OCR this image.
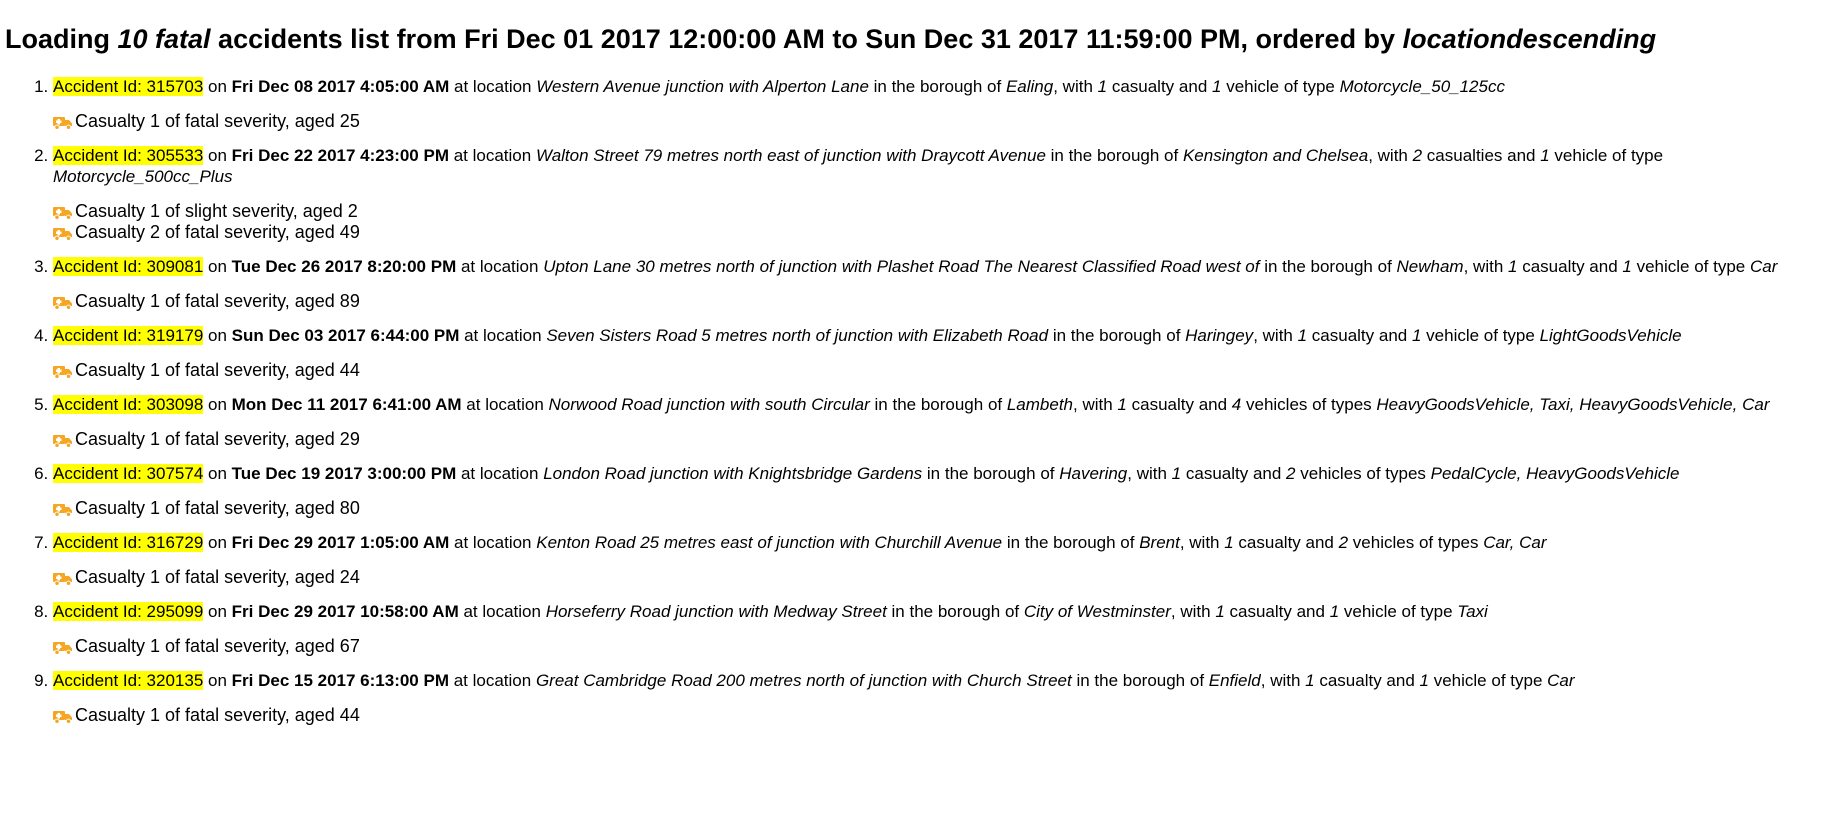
Loading 10 fatal accidents list from Fri Dec 01 2017 12:00:00 AM to Sun Dec 31 2017 11:59:00 PM, ordered by locationdescending
1. Accident Id: 315703 on Fri Dec 08 2017 4:05:00 AM at location Western Avenue junction with Alperton Lane in the borough of Ealing, with 1 casualty and 1 vehicle of type Motorcycle_50_125cc
Casualty 1 of fatal severity, aged 25
2. Accident Id: 305533 on Fri Dec 22 2017 4:23:00 PM at location Walton Street 79 metres north east of junction with Draycott Avenue in the borough of Kensington and Chelsea, with 2 casualties and 1 vehicle of type Motorcycle_500cc_Plus
Casualty 1 of slight severity, aged 2
Casualty 2 of fatal severity, aged 49
3. Accident Id: 309081 on Tue Dec 26 2017 8:20:00 PM at location Upton Lane 30 metres north of junction with Plashet Road The Nearest Classified Road west of in the borough of Newham, with 1 casualty and 1 vehicle of type Car
Casualty 1 of fatal severity, aged 89
4. Accident Id: 319179 on Sun Dec 03 2017 6:44:00 PM at location Seven Sisters Road 5 metres north of junction with Elizabeth Road in the borough of Haringey, with 1 casualty and 1 vehicle of type LightGoodsVehicle
Casualty 1 of fatal severity, aged 44
5. Accident Id: 303098 on Mon Dec 11 2017 6:41:00 AM at location Norwood Road junction with south Circular in the borough of Lambeth, with 1 casualty and 4 vehicles of types HeavyGoodsVehicle, Taxi, HeavyGoodsVehicle, Car
Casualty 1 of fatal severity, aged 29
6. Accident Id: 307574 on Tue Dec 19 2017 3:00:00 PM at location London Road junction with Knightsbridge Gardens in the borough of Havering, with 1 casualty and 2 vehicles of types PedalCycle, HeavyGoodsVehicle
Casualty 1 of fatal severity, aged 80
7. Accident Id: 316729 on Fri Dec 29 2017 1:05:00 AM at location Kenton Road 25 metres east of junction with Churchill Avenue in the borough of Brent, with 1 casualty and 2 vehicles of types Car, Car
Casualty 1 of fatal severity, aged 24
8. Accident Id: 295099 on Fri Dec 29 2017 10:58:00 AM at location Horseferry Road junction with Medway Street in the borough of City of Westminster, with 1 casualty and 1 vehicle of type Taxi
Casualty 1 of fatal severity, aged 67
9. Accident Id: 320135 on Fri Dec 15 2017 6:13:00 PM at location Great Cambridge Road 200 metres north of junction with Church Street in the borough of Enfield, with 1 casualty and 1 vehicle of type Car
Casualty 1 of fatal severity, aged 44
